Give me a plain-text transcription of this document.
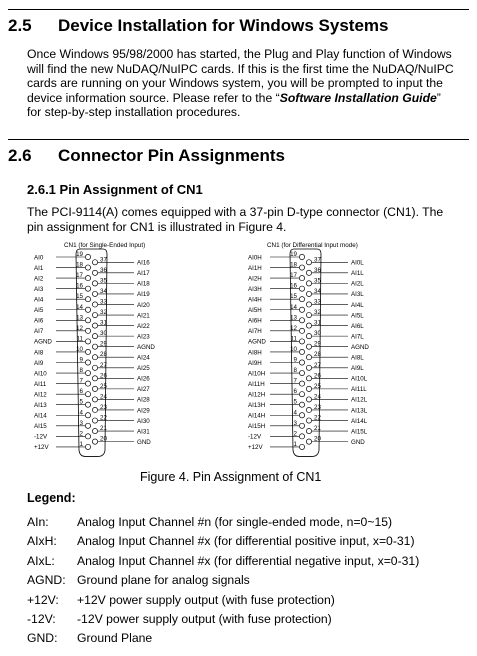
2.5 Device Installation for Windows Systems
Once Windows 95/98/2000 has started, the Plug and Play function of Windows
will find the new NuDAQ/NuIPC cards. If this is the first time the NuDAQ/NuIPC
cards are running on your Windows system, you will be prompted to input the
device information source. Please refer to the “Software Installation Guide”
for step-by-step installation procedures.
2.6 Connector Pin Assignments
2.6.1 Pin Assignment of CN1
The PCI-9114(A) comes equipped with a 37-pin D-type connector (CN1). The
pin assignment for CN1 is illustrated in Figure 4.
CN1 (for Single-Ended Input)	CN1 (for Differential Input mode)
AI0	19
AI1	18
AI2	17
AI3	16
AI4	15
AI5	14
AI6	13
AI7	12
AGND	11
AI8	10
AI9	9
AI10	8
AI11	7
AI12	6
AI13	5
AI14	4
AI15	3
-12V	2
+12V	1
37	AI16
36	AI17
35	AI18
34	AI19
33	AI20
32	AI21
31	AI22
30	AI23
29	AGND
28	AI24
27	AI25
26	AI26
25	AI27
24	AI28
23	AI29
22	AI30
21	AI31
20	GND
AI0H	19
AI1H	18
AI2H	17
AI3H	16
AI4H	15
AI5H	14
AI6H	13
AI7H	12
AGND	11
AI8H	10
AI9H	9
AI10H	8
AI11H	7
AI12H	6
AI13H	5
AI14H	4
AI15H	3
-12V	2
+12V	1
37	AI0L
36	AI1L
35	AI2L
34	AI3L
33	AI4L
32	AI5L
31	AI6L
30	AI7L
29	AGND
28	AI8L
27	AI9L
26	AI10L
25	AI11L
24	AI12L
23	AI13L
22	AI14L
21	AI15L
20	GND
Figure 4. Pin Assignment of CN1
Legend:
AIn: Analog Input Channel #n (for single-ended mode, n=0~15)
AIxH: Analog Input Channel #x (for differential positive input, x=0-31)
AIxL: Analog Input Channel #x (for differential negative input, x=0-31)
AGND: Ground plane for analog signals
+12V: +12V power supply output (with fuse protection)
-12V: -12V power supply output (with fuse protection)
GND: Ground Plane
